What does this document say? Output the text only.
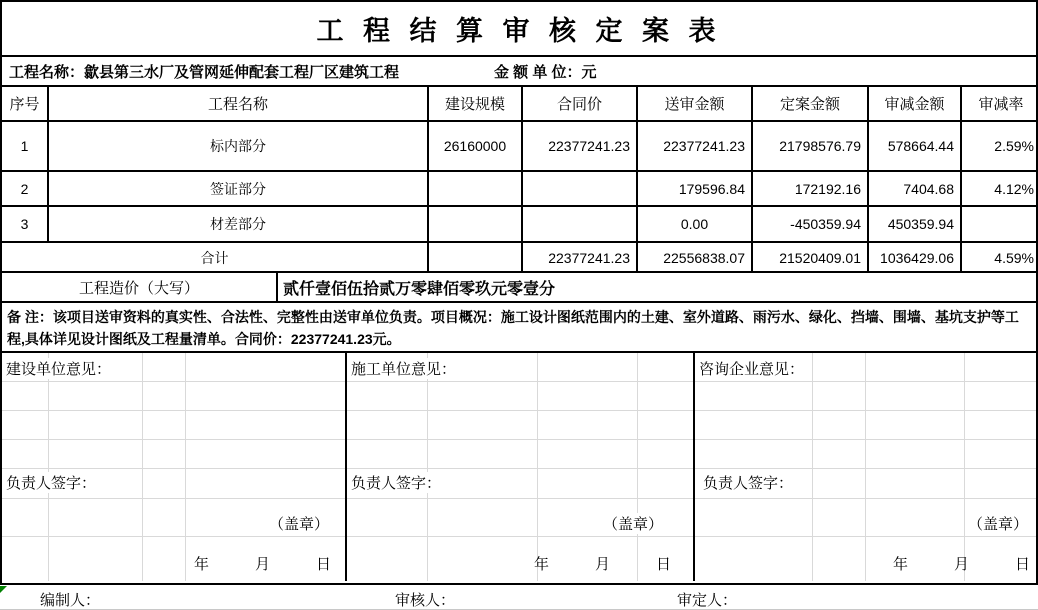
工 程 结 算 审 核 定 案 表
工程名称：歙县第三水厂及管网延伸配套工程厂区建筑工程	金 额 单 位：元
序号	工程名称	建设规模	合同价	送审金额	定案金额	审减金额	审减率
1	标内部分	26160000	22377241.23	22377241.23	21798576.79	578664.44	2.59%
2	签证部分			179596.84	172192.16	7404.68	4.12%
3	材差部分			0.00	-450359.94	450359.94	
合计			22377241.23	22556838.07	21520409.01	1036429.06	4.59%
工程造价（大写）	贰仟壹佰伍拾贰万零肆佰零玖元零壹分
备 注：该项目送审资料的真实性、合法性、完整性由送审单位负责。项目概况：施工设计图纸范围内的土建、室外道路、雨污水、绿化、挡墙、围墙、基坑支护等工程,具体详见设计图纸及工程量清单。合同价：22377241.23元。
建设单位意见：
负责人签字：
（盖章）
年	月	日
施工单位意见：
负责人签字：
（盖章）
年	月	日
咨询企业意见：
负责人签字：
（盖章）
年	月	日
编制人：	审核人：	审定人：
